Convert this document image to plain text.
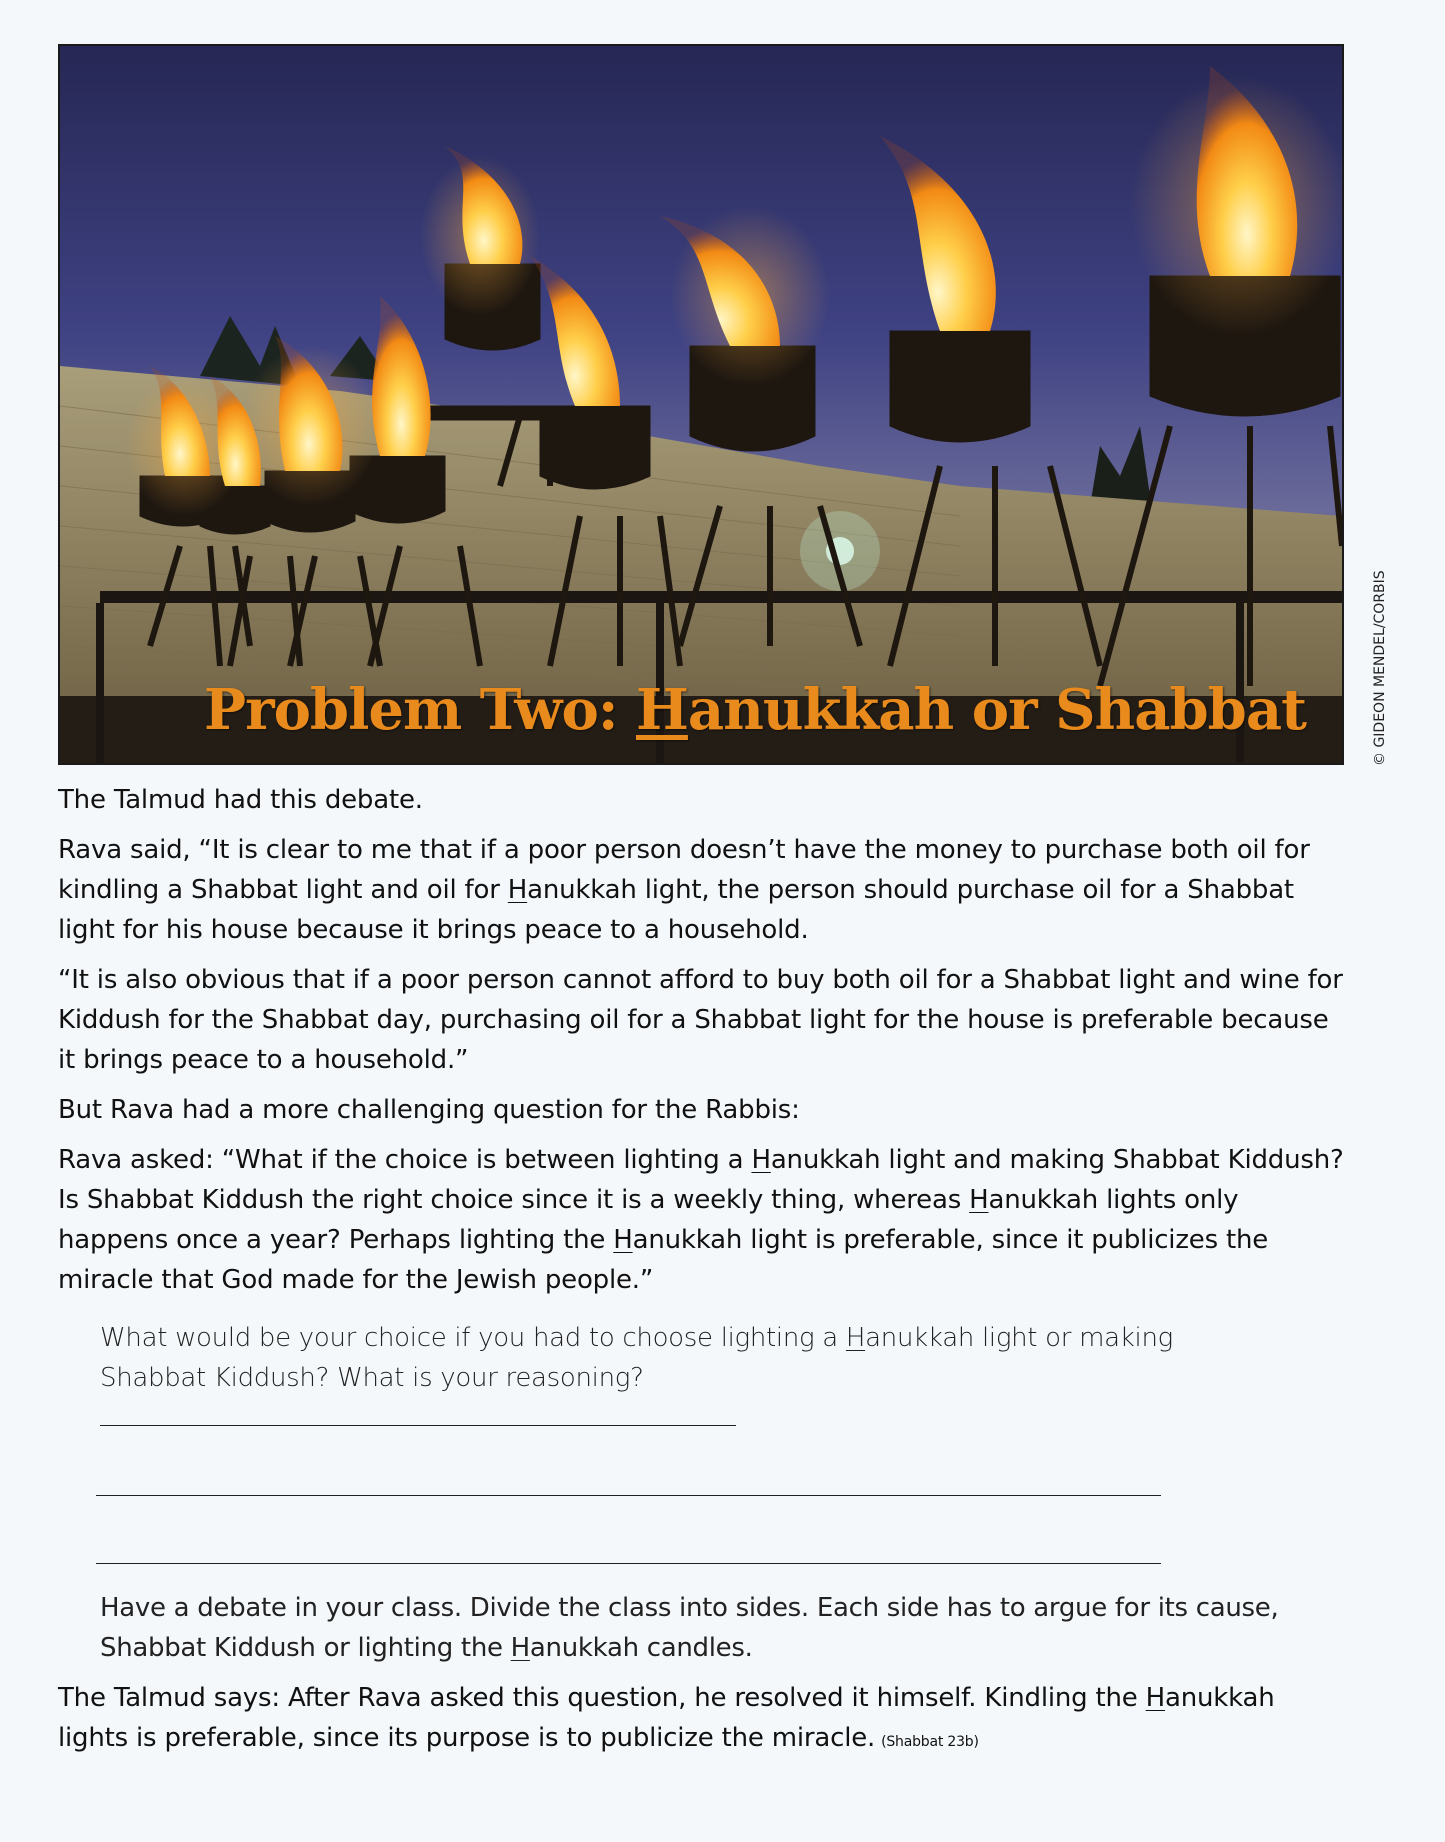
Problem Two: Hanukkah or Shabbat	© GIDEON MENDEL/CORBIS

The Talmud had this debate.

Rava said, “It is clear to me that if a poor person doesn’t have the money to purchase both oil for kindling a Shabbat light and oil for Hanukkah light, the person should purchase oil for a Shabbat light for his house because it brings peace to a household.

“It is also obvious that if a poor person cannot afford to buy both oil for a Shabbat light and wine for Kiddush for the Shabbat day, purchasing oil for a Shabbat light for the house is preferable because it brings peace to a household.”

But Rava had a more challenging question for the Rabbis:

Rava asked: “What if the choice is between lighting a Hanukkah light and making Shabbat Kiddush? Is Shabbat Kiddush the right choice since it is a weekly thing, whereas Hanukkah lights only happens once a year? Perhaps lighting the Hanukkah light is preferable, since it publicizes the miracle that God made for the Jewish people.”

What would be your choice if you had to choose lighting a Hanukkah light or making Shabbat Kiddush? What is your reasoning?
Have a debate in your class. Divide the class into sides. Each side has to argue for its cause, Shabbat Kiddush or lighting the Hanukkah candles.

The Talmud says: After Rava asked this question, he resolved it himself. Kindling the Hanukkah lights is preferable, since its purpose is to publicize the miracle. (Shabbat 23b)
